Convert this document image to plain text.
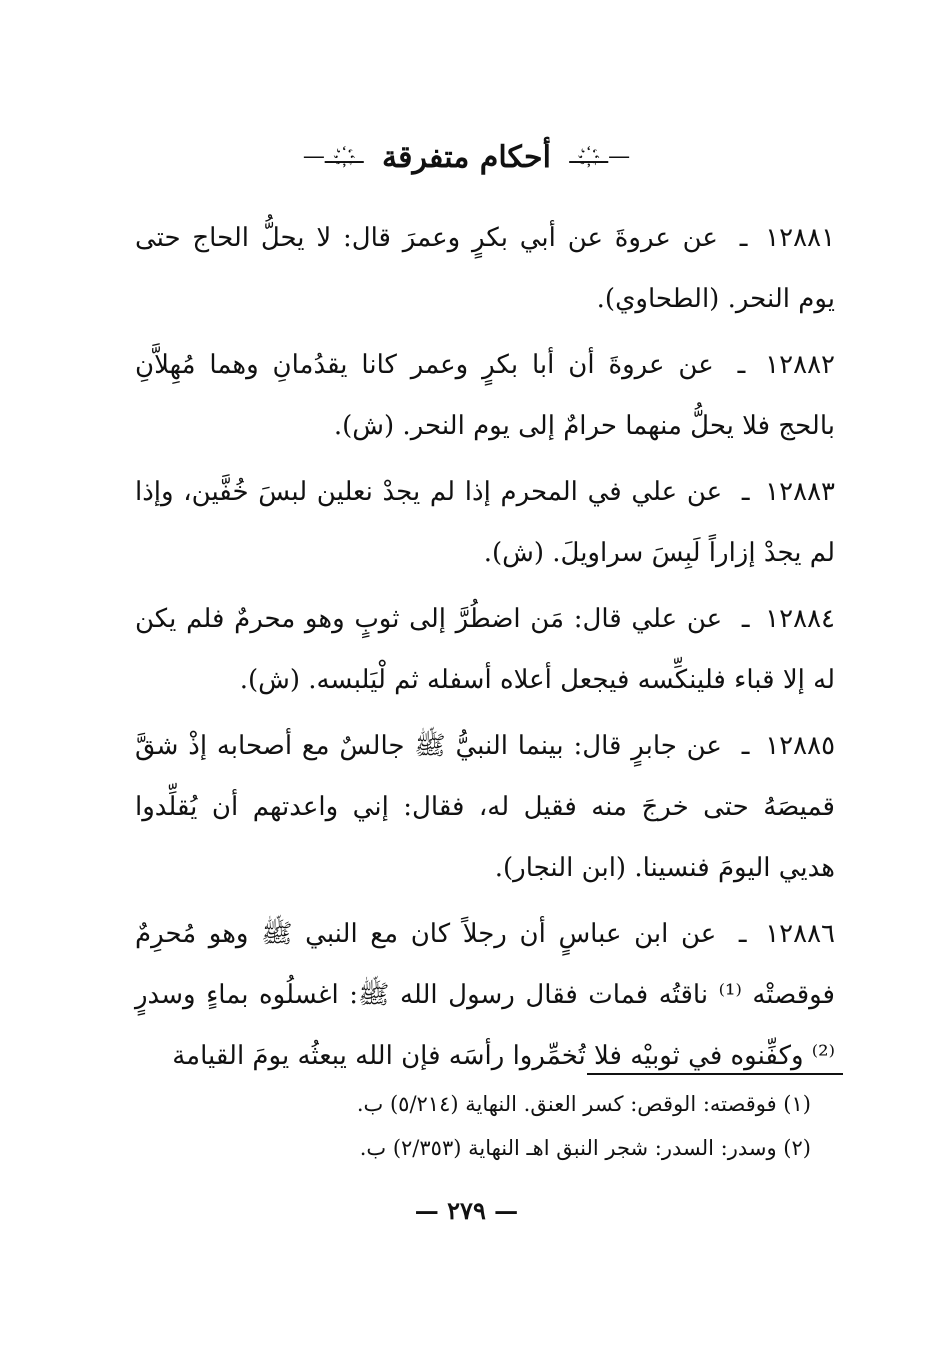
—ـــ҉ـــ أحكام متفرقة ـــ҉ـــ—

١٢٨٨١ ـ عن عروةَ عن أبي بكرٍ وعمرَ قال: لا يحلُّ الحاج حتى يوم النحر. (الطحاوي).

١٢٨٨٢ ـ عن عروةَ أن أبا بكرٍ وعمر كانا يقدُمانِ وهما مُهِلاَّنِ بالحج فلا يحلُّ منهما حرامٌ إلى يوم النحر. (ش).

١٢٨٨٣ ـ عن علي في المحرم إذا لم يجدْ نعلين لبسَ خُفَّين، وإذا لم يجدْ إزاراً لَبِسَ سراويلَ. (ش).

١٢٨٨٤ ـ عن علي قال: مَن اضطُرَّ إلى ثوبٍ وهو محرمٌ فلم يكن له إلا قباء فلينكِّسه فيجعل أعلاه أسفله ثم لْيَلبسه. (ش).

١٢٨٨٥ ـ عن جابرٍ قال: بينما النبيُّ ﷺ جالسٌ مع أصحابه إذْ شقَّ قميصَهُ حتى خرجَ منه فقيل له، فقال: إني واعدتهم أن يُقلِّدوا هديي اليومَ فنسينا. (ابن النجار).

١٢٨٨٦ ـ عن ابن عباسٍ أن رجلاً كان مع النبي ﷺ وهو مُحرِمٌ فوقصتْه ⁽¹⁾ ناقتُه فمات فقال رسول الله ﷺ: اغسلُوه بماءٍ وسدرٍ ⁽²⁾ وكفِّنوه في ثوبيْه فلا تُخمِّروا رأسَه فإن الله يبعثُه يومَ القيامة

(١) فوقصته: الوقص: كسر العنق. النهاية (٥/٢١٤) ب.

(٢) وسدر: السدر: شجر النبق اهـ النهاية (٢/٣٥٣) ب.

— ٢٧٩ —
